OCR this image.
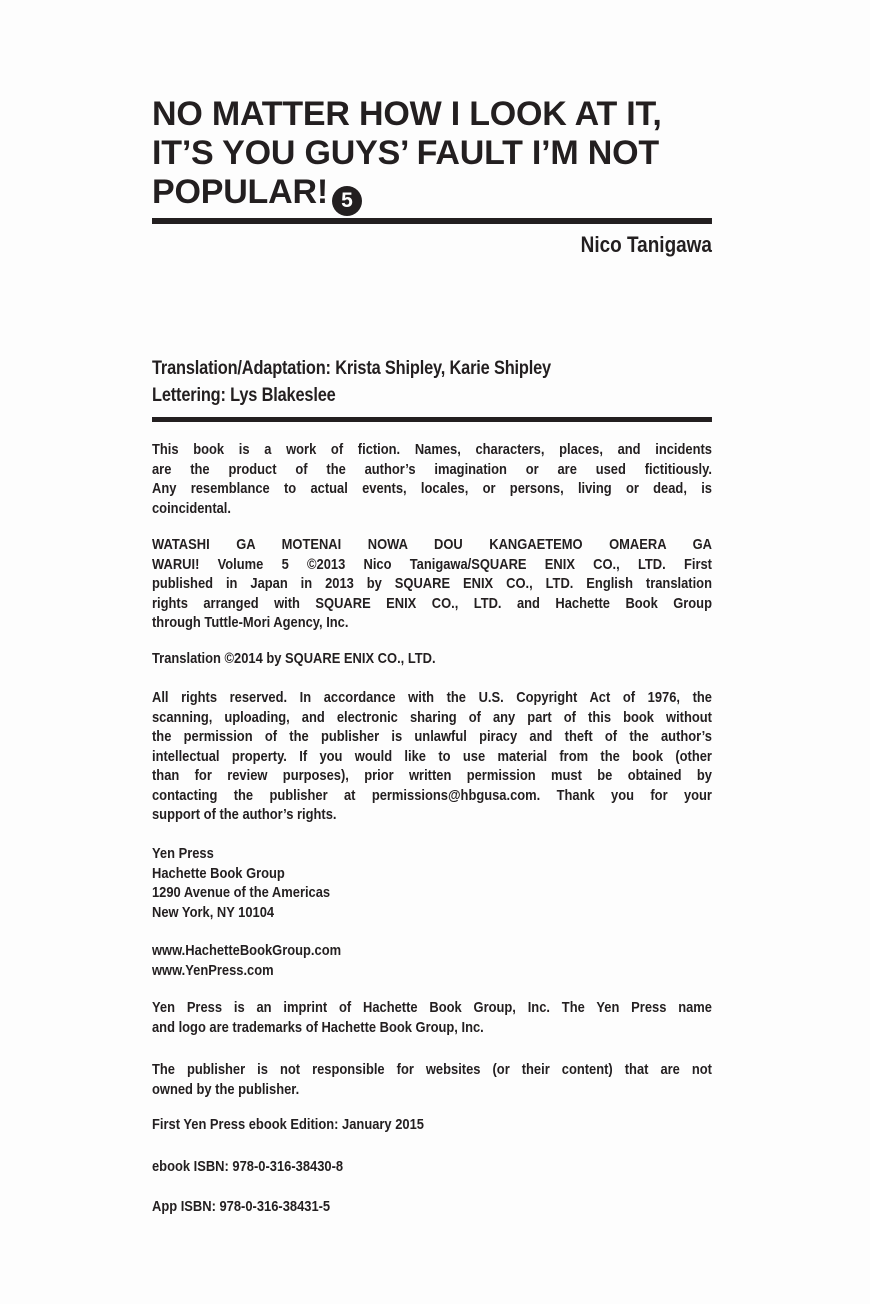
NO MATTER HOW I LOOK AT IT,
IT’S YOU GUYS’ FAULT I’M NOT
POPULAR! 5
Nico Tanigawa
Translation/Adaptation: Krista Shipley, Karie Shipley
Lettering: Lys Blakeslee
This book is a work of fiction. Names, characters, places, and incidents
are the product of the author’s imagination or are used fictitiously.
Any resemblance to actual events, locales, or persons, living or dead, is
coincidental.
WATASHI GA MOTENAI NOWA DOU KANGAETEMO OMAERA GA
WARUI! Volume 5 ©2013 Nico Tanigawa/SQUARE ENIX CO., LTD. First
published in Japan in 2013 by SQUARE ENIX CO., LTD. English translation
rights arranged with SQUARE ENIX CO., LTD. and Hachette Book Group
through Tuttle-Mori Agency, Inc.
Translation ©2014 by SQUARE ENIX CO., LTD.
All rights reserved. In accordance with the U.S. Copyright Act of 1976, the
scanning, uploading, and electronic sharing of any part of this book without
the permission of the publisher is unlawful piracy and theft of the author’s
intellectual property. If you would like to use material from the book (other
than for review purposes), prior written permission must be obtained by
contacting the publisher at permissions@hbgusa.com. Thank you for your
support of the author’s rights.
Yen Press
Hachette Book Group
1290 Avenue of the Americas
New York, NY 10104
www.HachetteBookGroup.com
www.YenPress.com
Yen Press is an imprint of Hachette Book Group, Inc. The Yen Press name
and logo are trademarks of Hachette Book Group, Inc.
The publisher is not responsible for websites (or their content) that are not
owned by the publisher.
First Yen Press ebook Edition: January 2015
ebook ISBN: 978-0-316-38430-8
App ISBN: 978-0-316-38431-5
